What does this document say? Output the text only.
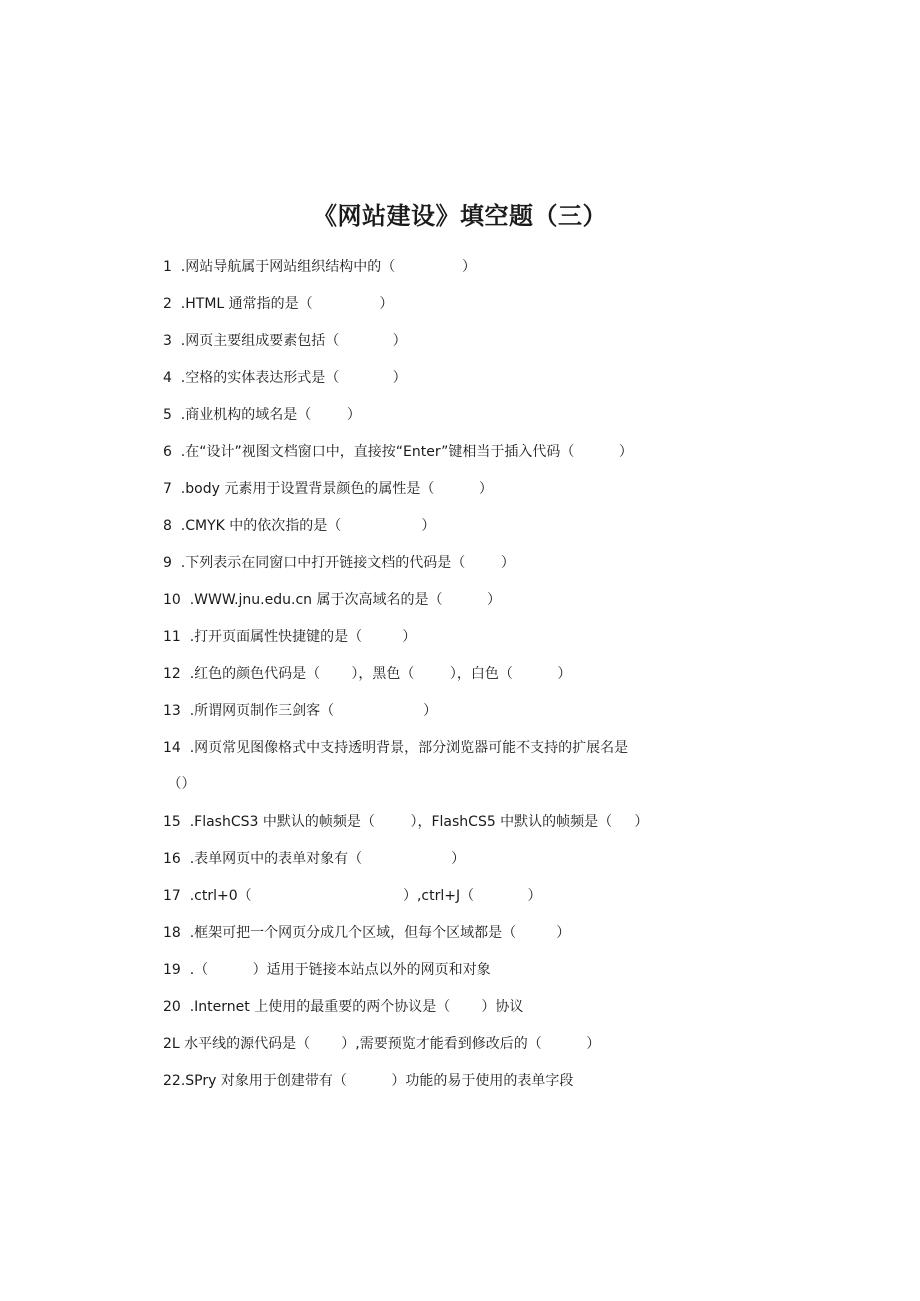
《网站建设》填空题（三）
1  .网站导航属于网站组织结构中的（               ）
2  .HTML 通常指的是（               ）
3  .网页主要组成要素包括（            ）
4  .空格的实体表达形式是（            ）
5  .商业机构的域名是（        ）
6  .在“设计”视图文档窗口中，直接按“Enter”键相当于插入代码（          ）
7  .body 元素用于设置背景颜色的属性是（          ）
8  .CMYK 中的依次指的是（                  ）
9  .下列表示在同窗口中打开链接文档的代码是（        ）
10  .WWW.jnu.edu.cn 属于次高域名的是（          ）
11  .打开页面属性快捷键的是（         ）
12  .红色的颜色代码是（       ），黑色（        ），白色（          ）
13  .所谓网页制作三剑客（                    ）
14  .网页常见图像格式中支持透明背景，部分浏览器可能不支持的扩展名是
（）
15  .FlashCS3 中默认的帧频是（        ），FlashCS5 中默认的帧频是（     ）
16  .表单网页中的表单对象有（                    ）
17  .ctrl+0（                                  ）,ctrl+J（            ）
18  .框架可把一个网页分成几个区域，但每个区域都是（         ）
19  .（          ）适用于链接本站点以外的网页和对象
20  .Internet 上使用的最重要的两个协议是（       ）协议
2L 水平线的源代码是（       ）,需要预览才能看到修改后的（          ）
22.SPry 对象用于创建带有（          ）功能的易于使用的表单字段
